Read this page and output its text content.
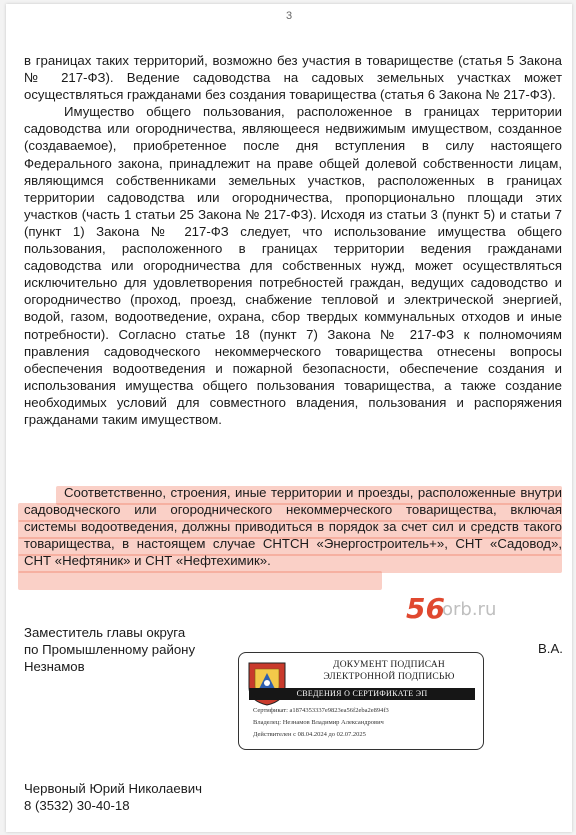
3

в границах таких территорий, возможно без участия в товариществе (статья 5 Закона № 217-ФЗ). Ведение садоводства на садовых земельных участках может осуществляться гражданами без создания товарищества (статья 6 Закона № 217-ФЗ).

Имущество общего пользования, расположенное в границах территории садоводства или огородничества, являющееся недвижимым имуществом, созданное (создаваемое), приобретенное после дня вступления в силу настоящего Федерального закона, принадлежит на праве общей долевой собственности лицам, являющимся собственниками земельных участков, расположенных в границах территории садоводства или огородничества, пропорционально площади этих участков (часть 1 статьи 25 Закона № 217-ФЗ). Исходя из статьи 3 (пункт 5) и статьи 7 (пункт 1) Закона № 217-ФЗ следует, что использование имущества общего пользования, расположенного в границах территории ведения гражданами садоводства или огородничества для собственных нужд, может осуществляться исключительно для удовлетворения потребностей граждан, ведущих садоводство и огородничество (проход, проезд, снабжение тепловой и электрической энергией, водой, газом, водоотведение, охрана, сбор твердых коммунальных отходов и иные потребности). Согласно статье 18 (пункт 7) Закона № 217-ФЗ к полномочиям правления садоводческого некоммерческого товарищества отнесены вопросы обеспечения водоотведения и пожарной безопасности, обеспечение создания и использования имущества общего пользования товарищества, а также создание необходимых условий для совместного владения, пользования и распоряжения гражданами таким имуществом.

Соответственно, строения, иные территории и проезды, расположенные внутри садоводческого или огороднического некоммерческого товарищества, включая системы водоотведения, должны приводиться в порядок за счет сил и средств такого товарищества, в настоящем случае СНТСН «Энергостроитель+», СНТ «Садовод», СНТ «Нефтяник» и СНТ «Нефтехимик».

56
orb.ru
Заместитель главы округа
по Промышленному району
Незнамов
В.А.
ДОКУМЕНТ ПОДПИСАН
ЭЛЕКТРОННОЙ ПОДПИСЬЮ
СВЕДЕНИЯ О СЕРТИФИКАТЕ ЭП
Сертификат: a1874353337e9823ea56f2eba2e894f3
Владелец: Незнамов Владимир Александрович
Действителен с 08.04.2024 до 02.07.2025
Червоный Юрий Николаевич
8 (3532) 30-40-18
